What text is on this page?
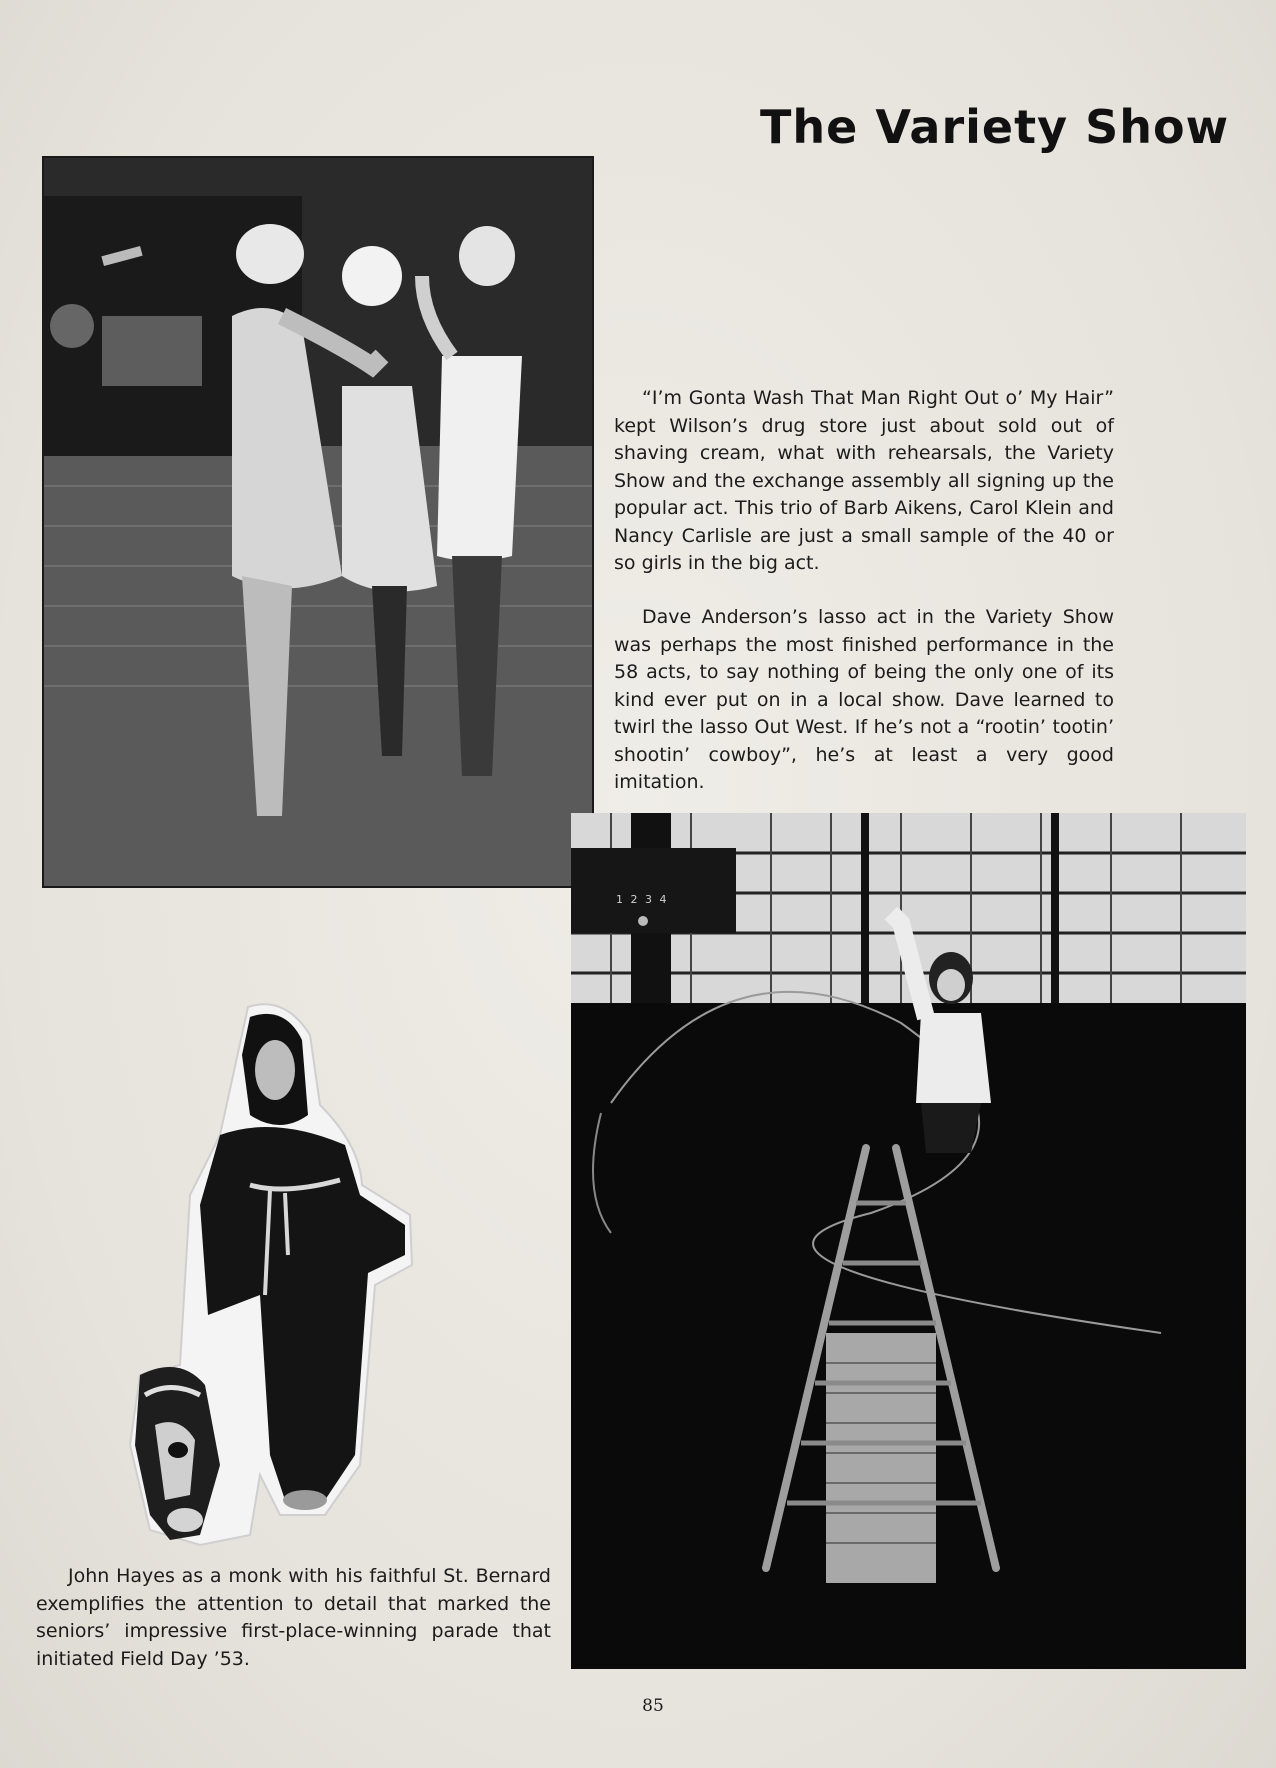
The Variety Show
“I’m Gonta Wash That Man Right Out o’ My Hair” kept Wilson’s drug store just about sold out of shaving cream, what with rehearsals, the Variety Show and the exchange assembly all signing up the popular act. This trio of Barb Aikens, Carol Klein and Nancy Carlisle are just a small sample of the 40 or so girls in the big act.
Dave Anderson’s lasso act in the Variety Show was perhaps the most finished performance in the 58 acts, to say nothing of being the only one of its kind ever put on in a local show. Dave learned to twirl the lasso Out West. If he’s not a “rootin’ tootin’ shootin’ cowboy”, he’s at least a very good imitation.
1 2 3 4
John Hayes as a monk with his faithful St. Bernard exemplifies the attention to detail that marked the seniors’ impressive first-place-winning parade that initiated Field Day ’53.
85
